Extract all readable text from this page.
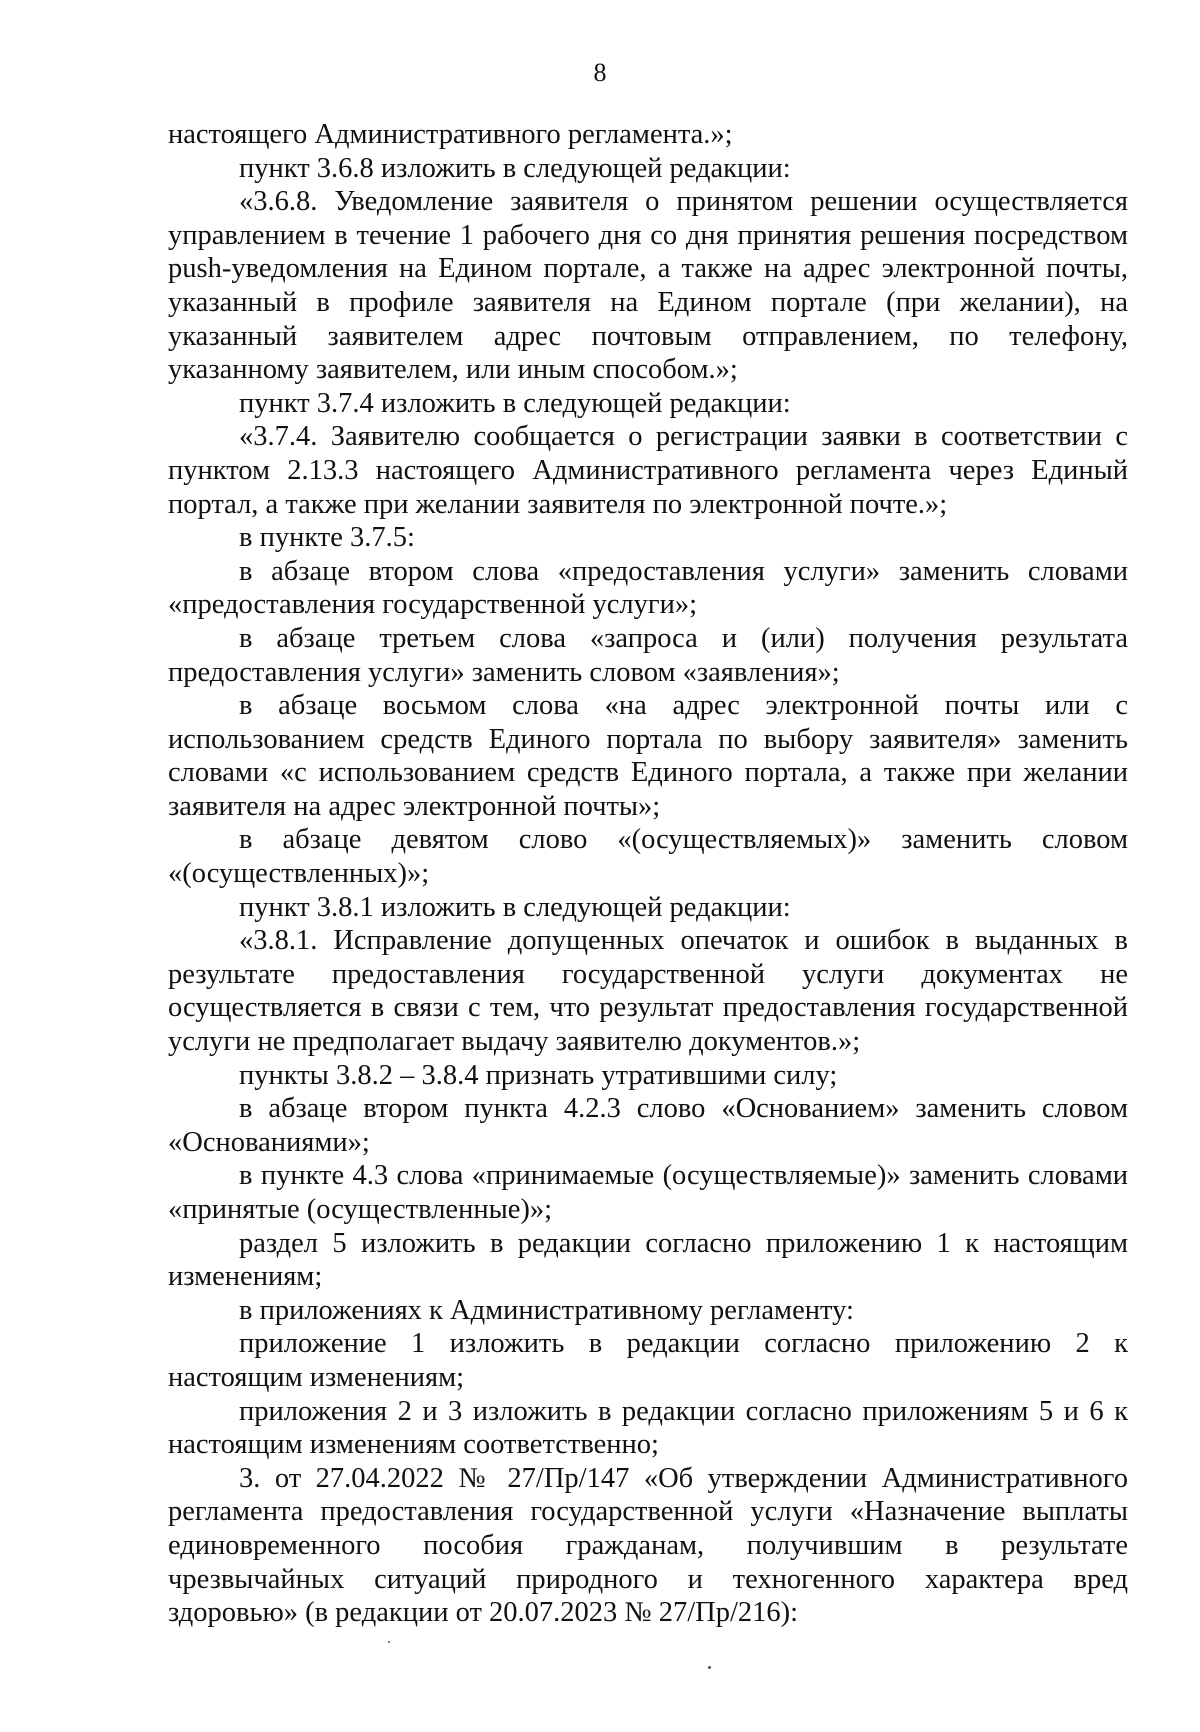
8

настоящего Административного регламента.»;

пункт 3.6.8 изложить в следующей редакции:

«3.6.8. Уведомление заявителя о принятом решении осуществляется управлением в течение 1 рабочего дня со дня принятия решения посредством push-уведомления на Едином портале, а также на адрес электронной почты, указанный в профиле заявителя на Едином портале (при желании), на указанный заявителем адрес почтовым отправлением, по телефону, указанному заявителем, или иным способом.»;

пункт 3.7.4 изложить в следующей редакции:

«3.7.4. Заявителю сообщается о регистрации заявки в соответствии с пунктом 2.13.3 настоящего Административного регламента через Единый портал, а также при желании заявителя по электронной почте.»;

в пункте 3.7.5:

в абзаце втором слова «предоставления услуги» заменить словами «предоставления государственной услуги»;

в абзаце третьем слова «запроса и (или) получения результата предоставления услуги» заменить словом «заявления»;

в абзаце восьмом слова «на адрес электронной почты или с использованием средств Единого портала по выбору заявителя» заменить словами «с использованием средств Единого портала, а также при желании заявителя на адрес электронной почты»;

в абзаце девятом слово «(осуществляемых)» заменить словом «(осуществленных)»;

пункт 3.8.1 изложить в следующей редакции:

«3.8.1. Исправление допущенных опечаток и ошибок в выданных в результате предоставления государственной услуги документах не осуществляется в связи с тем, что результат предоставления государственной услуги не предполагает выдачу заявителю документов.»;

пункты 3.8.2 – 3.8.4 признать утратившими силу;

в абзаце втором пункта 4.2.3 слово «Основанием» заменить словом «Основаниями»;

в пункте 4.3 слова «принимаемые (осуществляемые)» заменить словами «принятые (осуществленные)»;

раздел 5 изложить в редакции согласно приложению 1 к настоящим изменениям;

в приложениях к Административному регламенту:

приложение 1 изложить в редакции согласно приложению 2 к настоящим изменениям;

приложения 2 и 3 изложить в редакции согласно приложениям 5 и 6 к настоящим изменениям соответственно;

3. от 27.04.2022 № 27/Пр/147 «Об утверждении Административного регламента предоставления государственной услуги «Назначение выплаты единовременного пособия гражданам, получившим в результате чрезвычайных ситуаций природного и техногенного характера вред здоровью» (в редакции от 20.07.2023 № 27/Пр/216):
